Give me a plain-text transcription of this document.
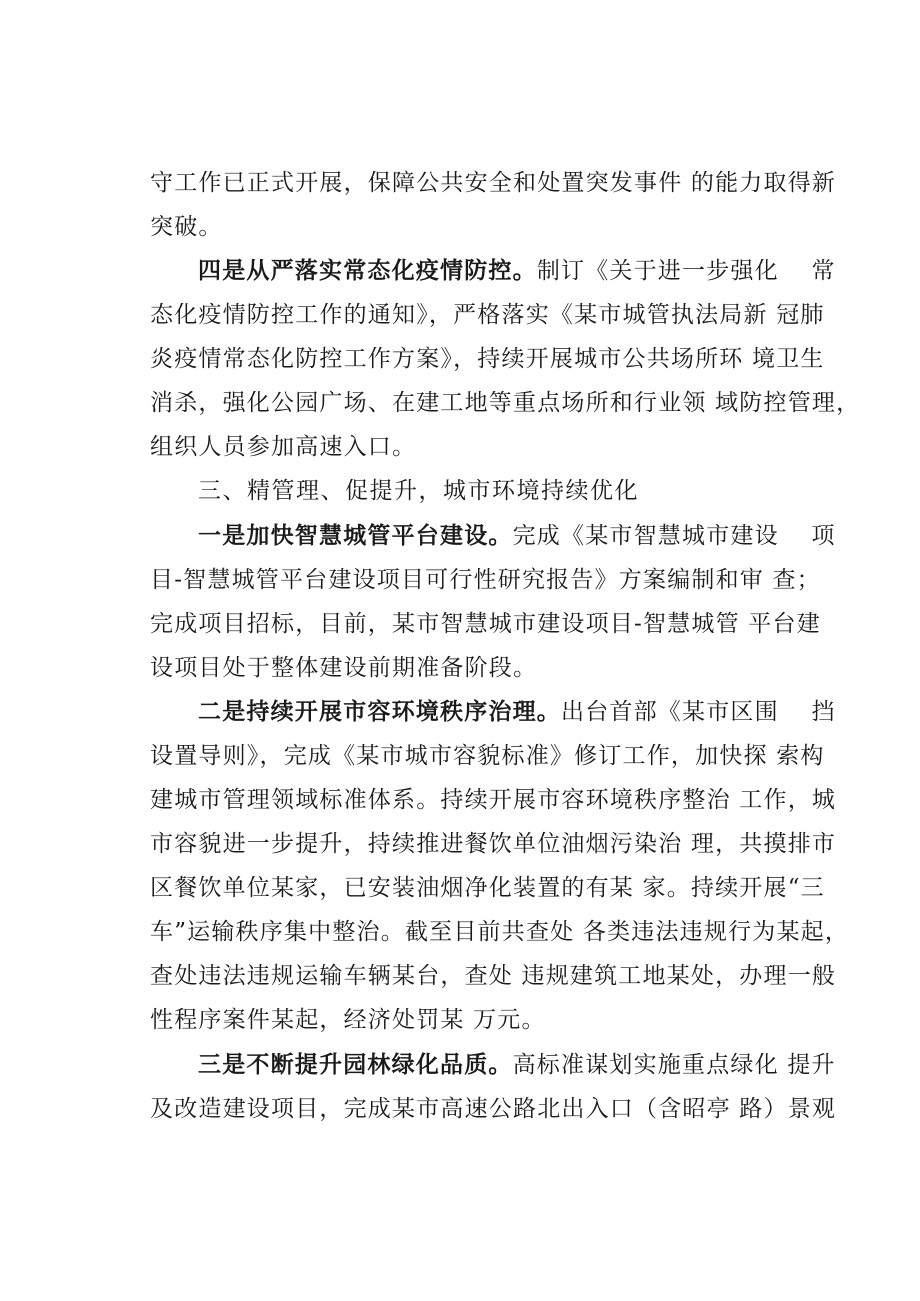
守工作已正式开展，保障公共安全和处置突发事件 的能力取得新
突破。
四是从严落实常态化疫情防控。制订《关于进一步强化　 常
态化疫情防控工作的通知》，严格落实《某市城管执法局新 冠肺
炎疫情常态化防控工作方案》，持续开展城市公共场所环 境卫生
消杀，强化公园广场、在建工地等重点场所和行业领 域防控管理，
组织人员参加高速入口。
三、精管理、促提升，城市环境持续优化
一是加快智慧城管平台建设。完成《某市智慧城市建设　 项
目-智慧城管平台建设项目可行性研究报告》方案编制和审 查；
完成项目招标，目前，某市智慧城市建设项目-智慧城管 平台建
设项目处于整体建设前期准备阶段。
二是持续开展市容环境秩序治理。出台首部《某市区围　 挡
设置导则》，完成《某市城市容貌标准》修订工作，加快探 索构
建城市管理领域标准体系。持续开展市容环境秩序整治 工作，城
市容貌进一步提升，持续推进餐饮单位油烟污染治 理，共摸排市
区餐饮单位某家，已安装油烟净化装置的有某 家。持续开展“三
车”运输秩序集中整治。截至目前共查处 各类违法违规行为某起，
查处违法违规运输车辆某台，查处 违规建筑工地某处，办理一般
性程序案件某起，经济处罚某 万元。
三是不断提升园林绿化品质。高标准谋划实施重点绿化 提升
及改造建设项目，完成某市高速公路北出入口（含昭亭 路）景观
